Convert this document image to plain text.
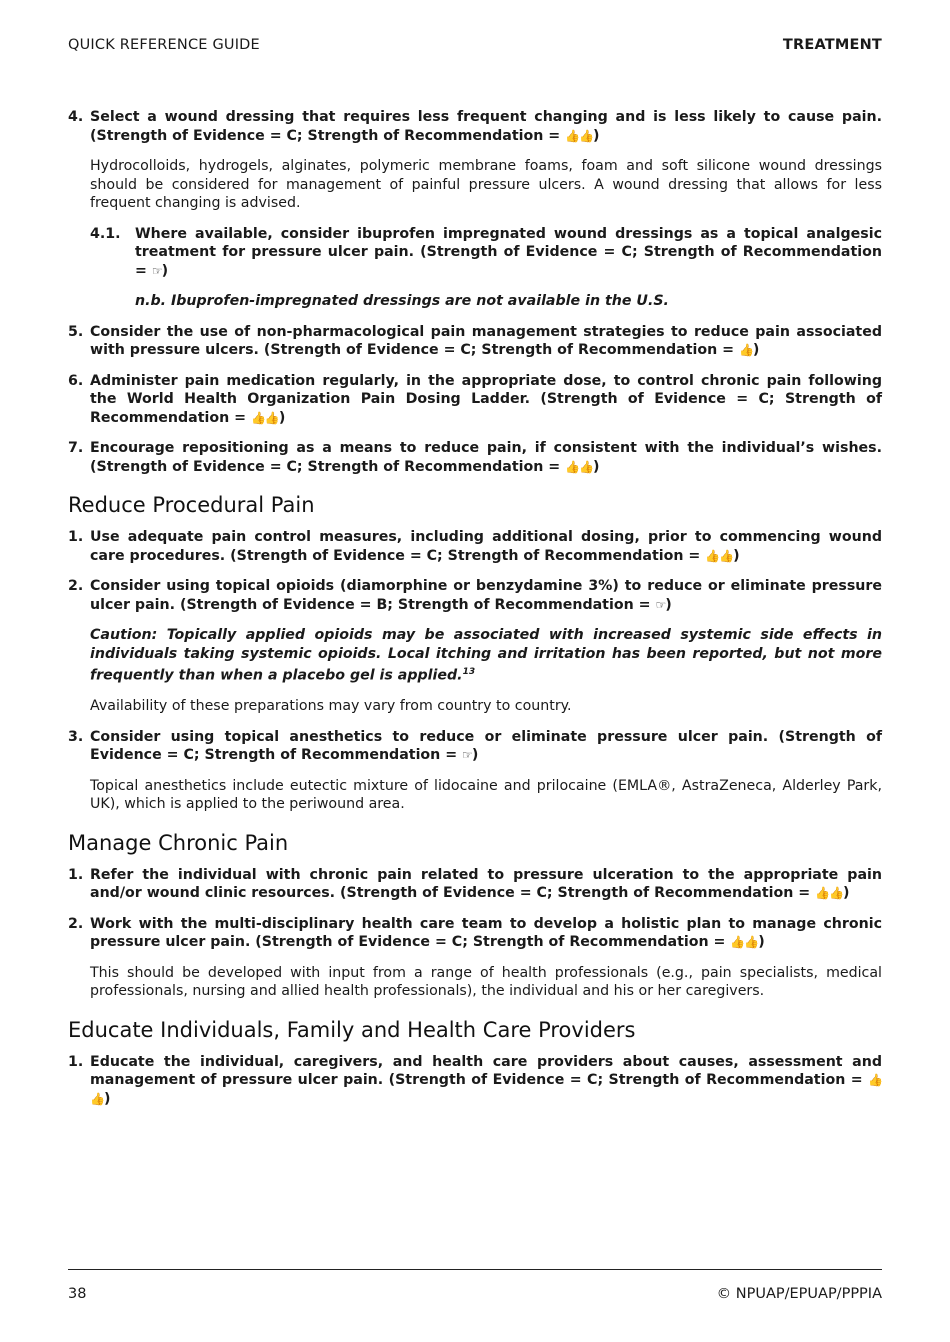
QUICK REFERENCE GUIDE	TREATMENT
4. Select a wound dressing that requires less frequent changing and is less likely to cause pain. (Strength of Evidence = C; Strength of Recommendation = 👍👍)
Hydrocolloids, hydrogels, alginates, polymeric membrane foams, foam and soft silicone wound dressings should be considered for management of painful pressure ulcers. A wound dressing that allows for less frequent changing is advised.
4.1.	Where available, consider ibuprofen impregnated wound dressings as a topical analgesic treatment for pressure ulcer pain. (Strength of Evidence = C; Strength of Recommendation = ☞)
n.b. Ibuprofen-impregnated dressings are not available in the U.S.
5. Consider the use of non-pharmacological pain management strategies to reduce pain associated with pressure ulcers. (Strength of Evidence = C; Strength of Recommendation = 👍)
6. Administer pain medication regularly, in the appropriate dose, to control chronic pain following the World Health Organization Pain Dosing Ladder. (Strength of Evidence = C; Strength of Recommendation = 👍👍)
7. Encourage repositioning as a means to reduce pain, if consistent with the individual’s wishes. (Strength of Evidence = C; Strength of Recommendation = 👍👍)
Reduce Procedural Pain
1. Use adequate pain control measures, including additional dosing, prior to commencing wound care procedures. (Strength of Evidence = C; Strength of Recommendation = 👍👍)
2. Consider using topical opioids (diamorphine or benzydamine 3%) to reduce or eliminate pressure ulcer pain. (Strength of Evidence = B; Strength of Recommendation = ☞)
Caution: Topically applied opioids may be associated with increased systemic side effects in individuals taking systemic opioids. Local itching and irritation has been reported, but not more frequently than when a placebo gel is applied.$^{13}$
Availability of these preparations may vary from country to country.
3. Consider using topical anesthetics to reduce or eliminate pressure ulcer pain. (Strength of Evidence = C; Strength of Recommendation = ☞)
Topical anesthetics include eutectic mixture of lidocaine and prilocaine (EMLA®, AstraZeneca, Alderley Park, UK), which is applied to the periwound area.
Manage Chronic Pain
1. Refer the individual with chronic pain related to pressure ulceration to the appropriate pain and/or wound clinic resources. (Strength of Evidence = C; Strength of Recommendation = 👍👍)
2. Work with the multi-disciplinary health care team to develop a holistic plan to manage chronic pressure ulcer pain. (Strength of Evidence = C; Strength of Recommendation = 👍👍)
This should be developed with input from a range of health professionals (e.g., pain specialists, medical professionals, nursing and allied health professionals), the individual and his or her caregivers.
Educate Individuals, Family and Health Care Providers
1. Educate the individual, caregivers, and health care providers about causes, assessment and management of pressure ulcer pain. (Strength of Evidence = C; Strength of Recommendation = 👍👍)
38	© NPUAP/EPUAP/PPPIA
